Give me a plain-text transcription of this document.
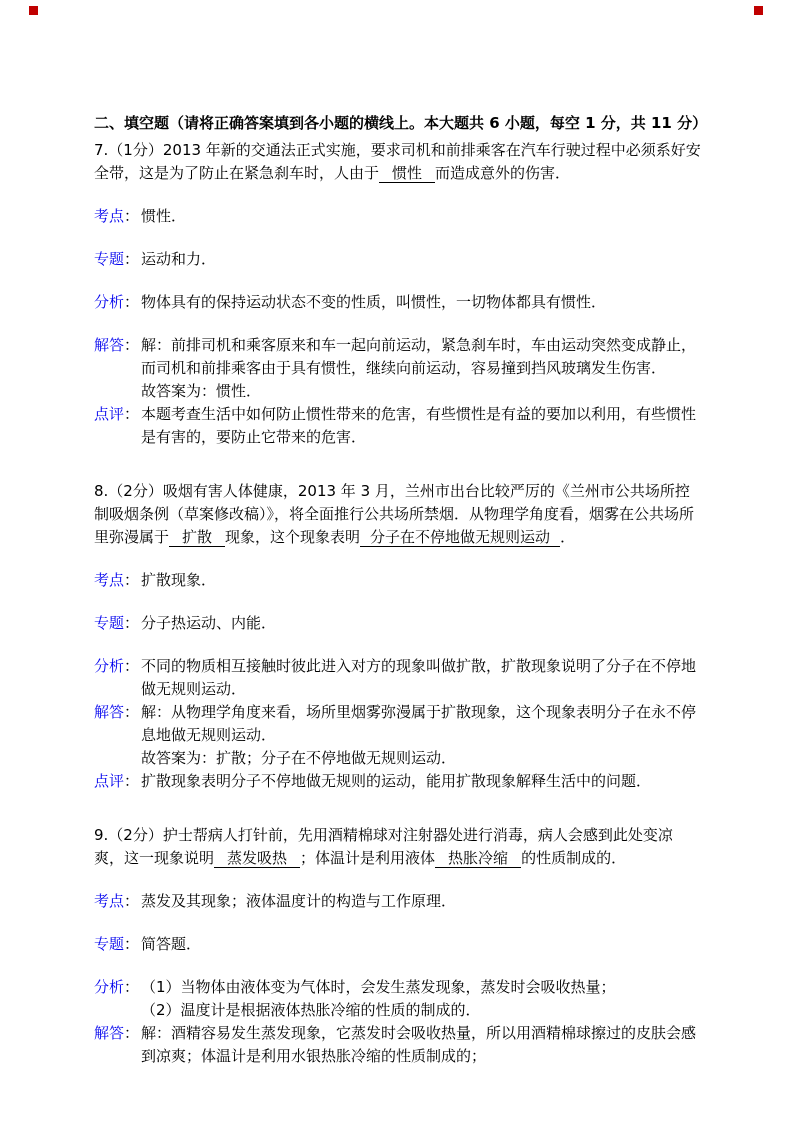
二、填空题（请将正确答案填到各小题的横线上。本大题共 6 小题，每空 1 分，共 11 分）
7.（1分）2013 年新的交通法正式实施，要求司机和前排乘客在汽车行驶过程中必须系好安全带，这是为了防止在紧急刹车时，人由于 惯性 而造成意外的伤害．
考点： 惯性．
专题： 运动和力．
分析： 物体具有的保持运动状态不变的性质，叫惯性，一切物体都具有惯性．
解答： 解：前排司机和乘客原来和车一起向前运动，紧急刹车时，车由运动突然变成静止，而司机和前排乘客由于具有惯性，继续向前运动，容易撞到挡风玻璃发生伤害．
故答案为：惯性．
点评： 本题考查生活中如何防止惯性带来的危害，有些惯性是有益的要加以利用，有些惯性是有害的，要防止它带来的危害．
8.（2分）吸烟有害人体健康，2013 年 3 月，兰州市出台比较严厉的《兰州市公共场所控制吸烟条例（草案修改稿）》，将全面推行公共场所禁烟．从物理学角度看，烟雾在公共场所里弥漫属于 扩散 现象，这个现象表明 分子在不停地做无规则运动 ．
考点： 扩散现象．
专题： 分子热运动、内能．
分析： 不同的物质相互接触时彼此进入对方的现象叫做扩散，扩散现象说明了分子在不停地做无规则运动．
解答： 解：从物理学角度来看，场所里烟雾弥漫属于扩散现象，这个现象表明分子在永不停息地做无规则运动．
故答案为：扩散；分子在不停地做无规则运动．
点评： 扩散现象表明分子不停地做无规则的运动，能用扩散现象解释生活中的问题．
9.（2分）护士帮病人打针前，先用酒精棉球对注射器处进行消毒，病人会感到此处变凉爽，这一现象说明 蒸发吸热 ；体温计是利用液体 热胀冷缩 的性质制成的．
考点： 蒸发及其现象；液体温度计的构造与工作原理．
专题： 简答题．
分析： （1）当物体由液体变为气体时，会发生蒸发现象，蒸发时会吸收热量；
（2）温度计是根据液体热胀冷缩的性质的制成的．
解答： 解：酒精容易发生蒸发现象，它蒸发时会吸收热量，所以用酒精棉球擦过的皮肤会感到凉爽；体温计是利用水银热胀冷缩的性质制成的；
